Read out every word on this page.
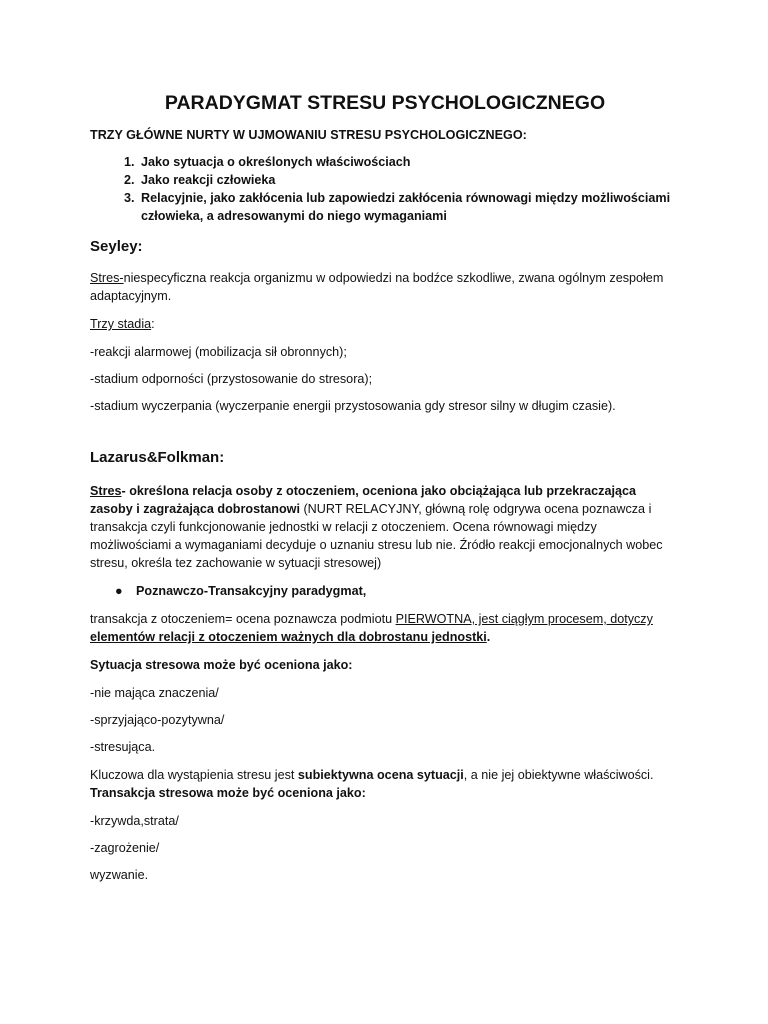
PARADYGMAT STRESU PSYCHOLOGICZNEGO
TRZY GŁÓWNE NURTY W UJMOWANIU STRESU PSYCHOLOGICZNEGO:
1. Jako sytuacja o określonych właściwościach
2. Jako reakcji człowieka
3. Relacyjnie, jako zakłócenia lub zapowiedzi zakłócenia równowagi między możliwościami człowieka, a adresowanymi do niego wymaganiami
Seyley:

Stres-niespecyficzna reakcja organizmu w odpowiedzi na bodźce szkodliwe, zwana ogólnym zespołem adaptacyjnym.

Trzy stadia:

-reakcji alarmowej (mobilizacja sił obronnych);

-stadium odporności (przystosowanie do stresora);

-stadium wyczerpania (wyczerpanie energii przystosowania gdy stresor silny w długim czasie).

Lazarus&Folkman:

Stres- określona relacja osoby z otoczeniem, oceniona jako obciążająca lub przekraczająca zasoby i zagrażająca dobrostanowi (NURT RELACYJNY, główną rolę odgrywa ocena poznawcza i transakcja czyli funkcjonowanie jednostki w relacji z otoczeniem. Ocena równowagi między możliwościami a wymaganiami decyduje o uznaniu stresu lub nie. Źródło reakcji emocjonalnych wobec stresu, określa tez zachowanie w sytuacji stresowej)

● Poznawczo-Transakcyjny paradygmat,

transakcja z otoczeniem= ocena poznawcza podmiotu PIERWOTNA, jest ciągłym procesem, dotyczy elementów relacji z otoczeniem ważnych dla dobrostanu jednostki.

Sytuacja stresowa może być oceniona jako:

-nie mająca znaczenia/

-sprzyjająco-pozytywna/

-stresująca.

Kluczowa dla wystąpienia stresu jest subiektywna ocena sytuacji, a nie jej obiektywne właściwości.
Transakcja stresowa może być oceniona jako:

-krzywda,strata/

-zagrożenie/

wyzwanie.
